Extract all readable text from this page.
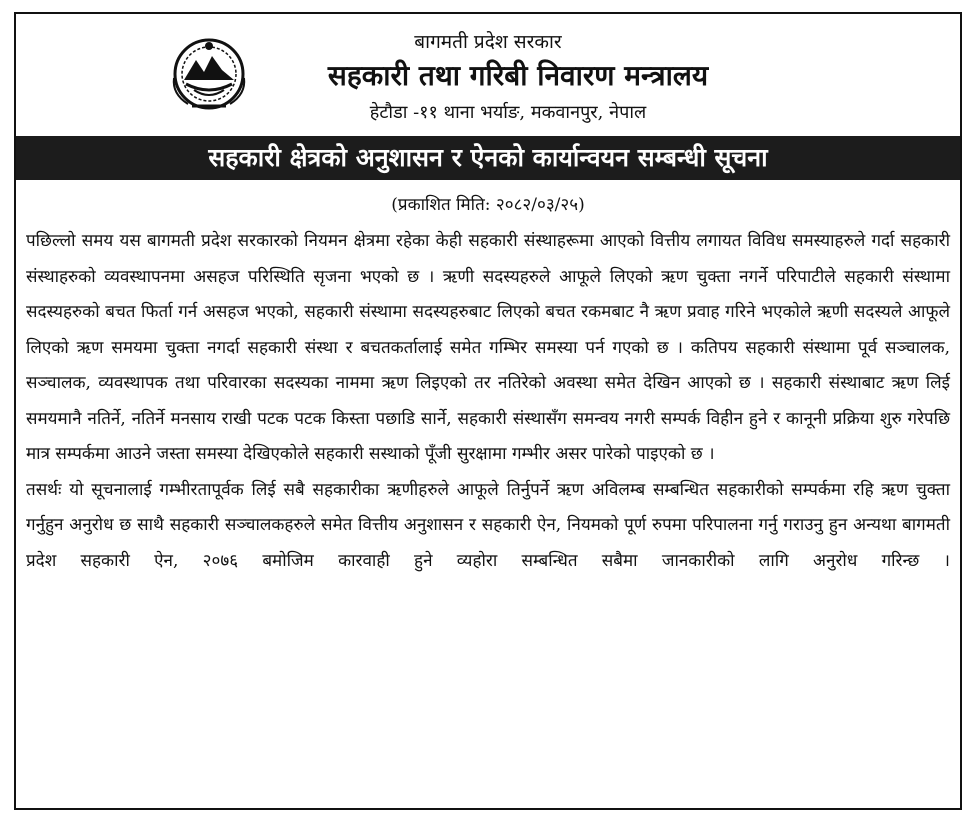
बागमती प्रदेश सरकार
सहकारी तथा गरिबी निवारण मन्त्रालय
हेटौडा -११ थाना भर्याङ, मकवानपुर, नेपाल
सहकारी क्षेत्रको अनुशासन र ऐनको कार्यान्वयन सम्बन्धी सूचना
(प्रकाशित मिति: २०८२/०३/२५)

पछिल्लो समय यस बागमती प्रदेश सरकारको नियमन क्षेत्रमा रहेका केही सहकारी संस्थाहरूमा आएको वित्तीय लगायत विविध समस्याहरुले गर्दा सहकारी संस्थाहरुको व्यवस्थापनमा असहज परिस्थिति सृजना भएको छ । ऋणी सदस्यहरुले आफूले लिएको ऋण चुक्ता नगर्ने परिपाटीले सहकारी संस्थामा सदस्यहरुको बचत फिर्ता गर्न असहज भएको, सहकारी संस्थामा सदस्यहरुबाट लिएको बचत रकमबाट नै ऋण प्रवाह गरिने भएकोले ऋणी सदस्यले आफूले लिएको ऋण समयमा चुक्ता नगर्दा सहकारी संस्था र बचतकर्तालाई समेत गम्भिर समस्या पर्न गएको छ । कतिपय सहकारी संस्थामा पूर्व सञ्चालक, सञ्चालक, व्यवस्थापक तथा परिवारका सदस्यका नाममा ऋण लिइएको तर नतिरेको अवस्था समेत देखिन आएको छ । सहकारी संस्थाबाट ऋण लिई समयमानै नतिर्ने, नतिर्ने मनसाय राखी पटक पटक किस्ता पछाडि सार्ने, सहकारी संस्थासँग समन्वय नगरी सम्पर्क विहीन हुने र कानूनी प्रक्रिया शुरु गरेपछि मात्र सम्पर्कमा आउने जस्ता समस्या देखिएकोले सहकारी सस्थाको पूँजी सुरक्षामा गम्भीर असर पारेको पाइएको छ ।

तसर्थः यो सूचनालाई गम्भीरतापूर्वक लिई सबै सहकारीका ऋणीहरुले आफूले तिर्नुपर्ने ऋण अविलम्ब सम्बन्धित सहकारीको सम्पर्कमा रहि ऋण चुक्ता गर्नुहुन अनुरोध छ साथै सहकारी सञ्चालकहरुले समेत वित्तीय अनुशासन र सहकारी ऐन, नियमको पूर्ण रुपमा परिपालना गर्नु गराउनु हुन अन्यथा बागमती प्रदेश सहकारी ऐन, २०७६ बमोजिम कारवाही हुने व्यहोरा सम्बन्धित सबैमा जानकारीको लागि अनुरोध गरिन्छ ।
